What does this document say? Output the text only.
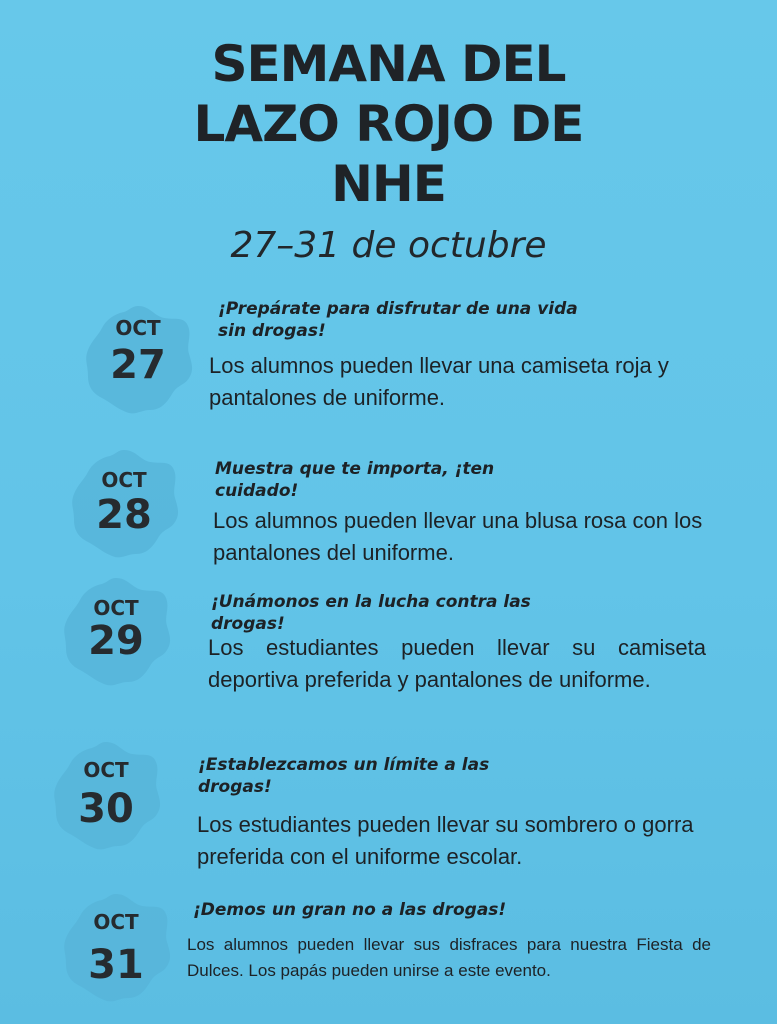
SEMANA DEL
LAZO ROJO DE
NHE
27–31 de octubre
OCT
27
¡Prepárate para disfrutar de una vida sin drogas!
Los alumnos pueden llevar una camiseta roja y pantalones de uniforme.
OCT
28
Muestra que te importa, ¡ten cuidado!
Los alumnos pueden llevar una blusa rosa con los pantalones del uniforme.
OCT
29
¡Unámonos en la lucha contra las drogas!
Los estudiantes pueden llevar su camiseta deportiva preferida y pantalones de uniforme.
OCT
30
¡Establezcamos un límite a las drogas!
Los estudiantes pueden llevar su sombrero o gorra preferida con el uniforme escolar.
OCT
31
¡Demos un gran no a las drogas!
Los alumnos pueden llevar sus disfraces para nuestra Fiesta de Dulces. Los papás pueden unirse a este evento.
